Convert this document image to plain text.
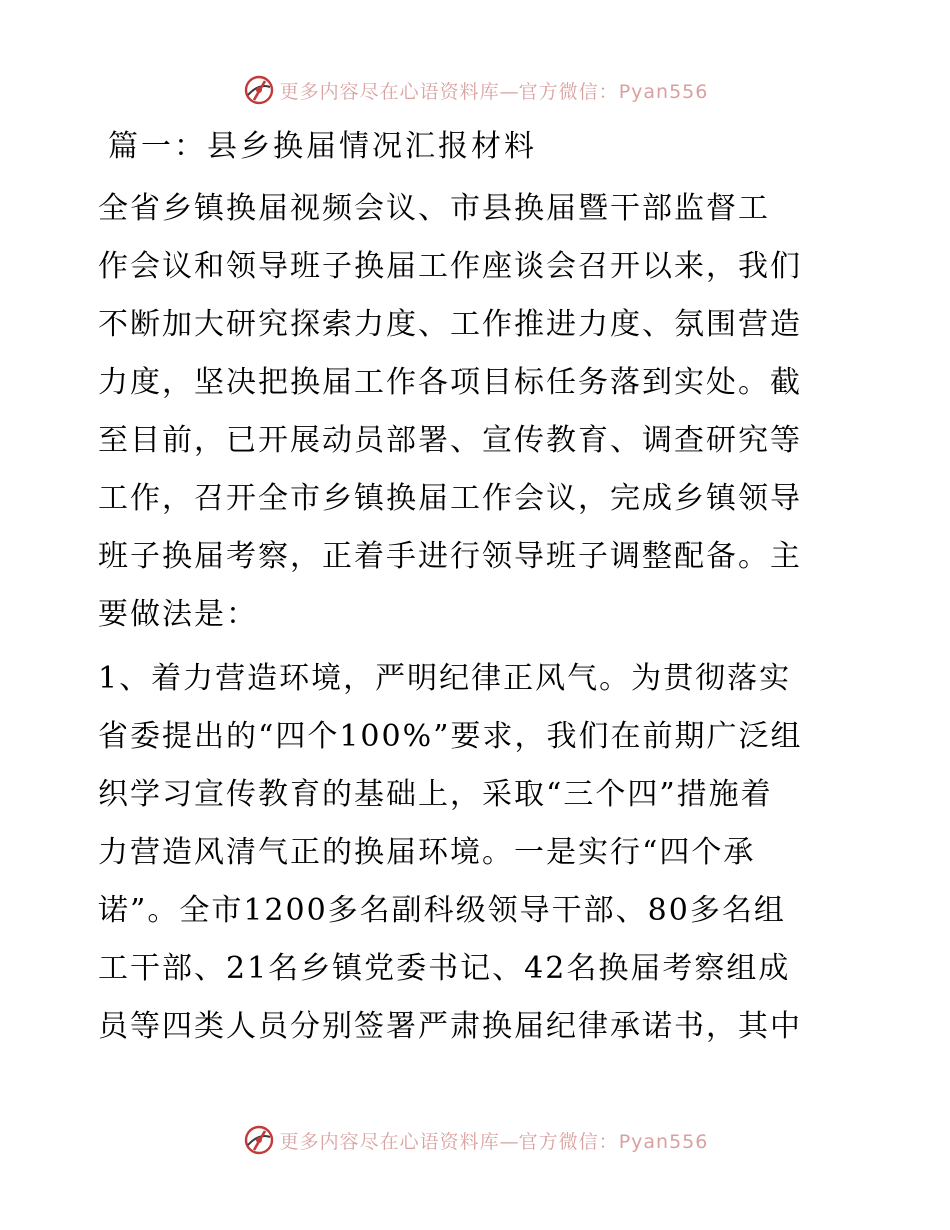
更多内容尽在心语资料库—官方微信：Pyan556
篇一：县乡换届情况汇报材料
全省乡镇换届视频会议、市县换届暨干部监督工
作会议和领导班子换届工作座谈会召开以来，我们
不断加大研究探索力度、工作推进力度、氛围营造
力度，坚决把换届工作各项目标任务落到实处。截
至目前，已开展动员部署、宣传教育、调查研究等
工作，召开全市乡镇换届工作会议，完成乡镇领导
班子换届考察，正着手进行领导班子调整配备。主
要做法是：
1、着力营造环境，严明纪律正风气。为贯彻落实
省委提出的“四个100%”要求，我们在前期广泛组
织学习宣传教育的基础上，采取“三个四”措施着
力营造风清气正的换届环境。一是实行“四个承
诺”。全市1200多名副科级领导干部、80多名组
工干部、21名乡镇党委书记、42名换届考察组成
员等四类人员分别签署严肃换届纪律承诺书，其中
更多内容尽在心语资料库—官方微信：Pyan556
